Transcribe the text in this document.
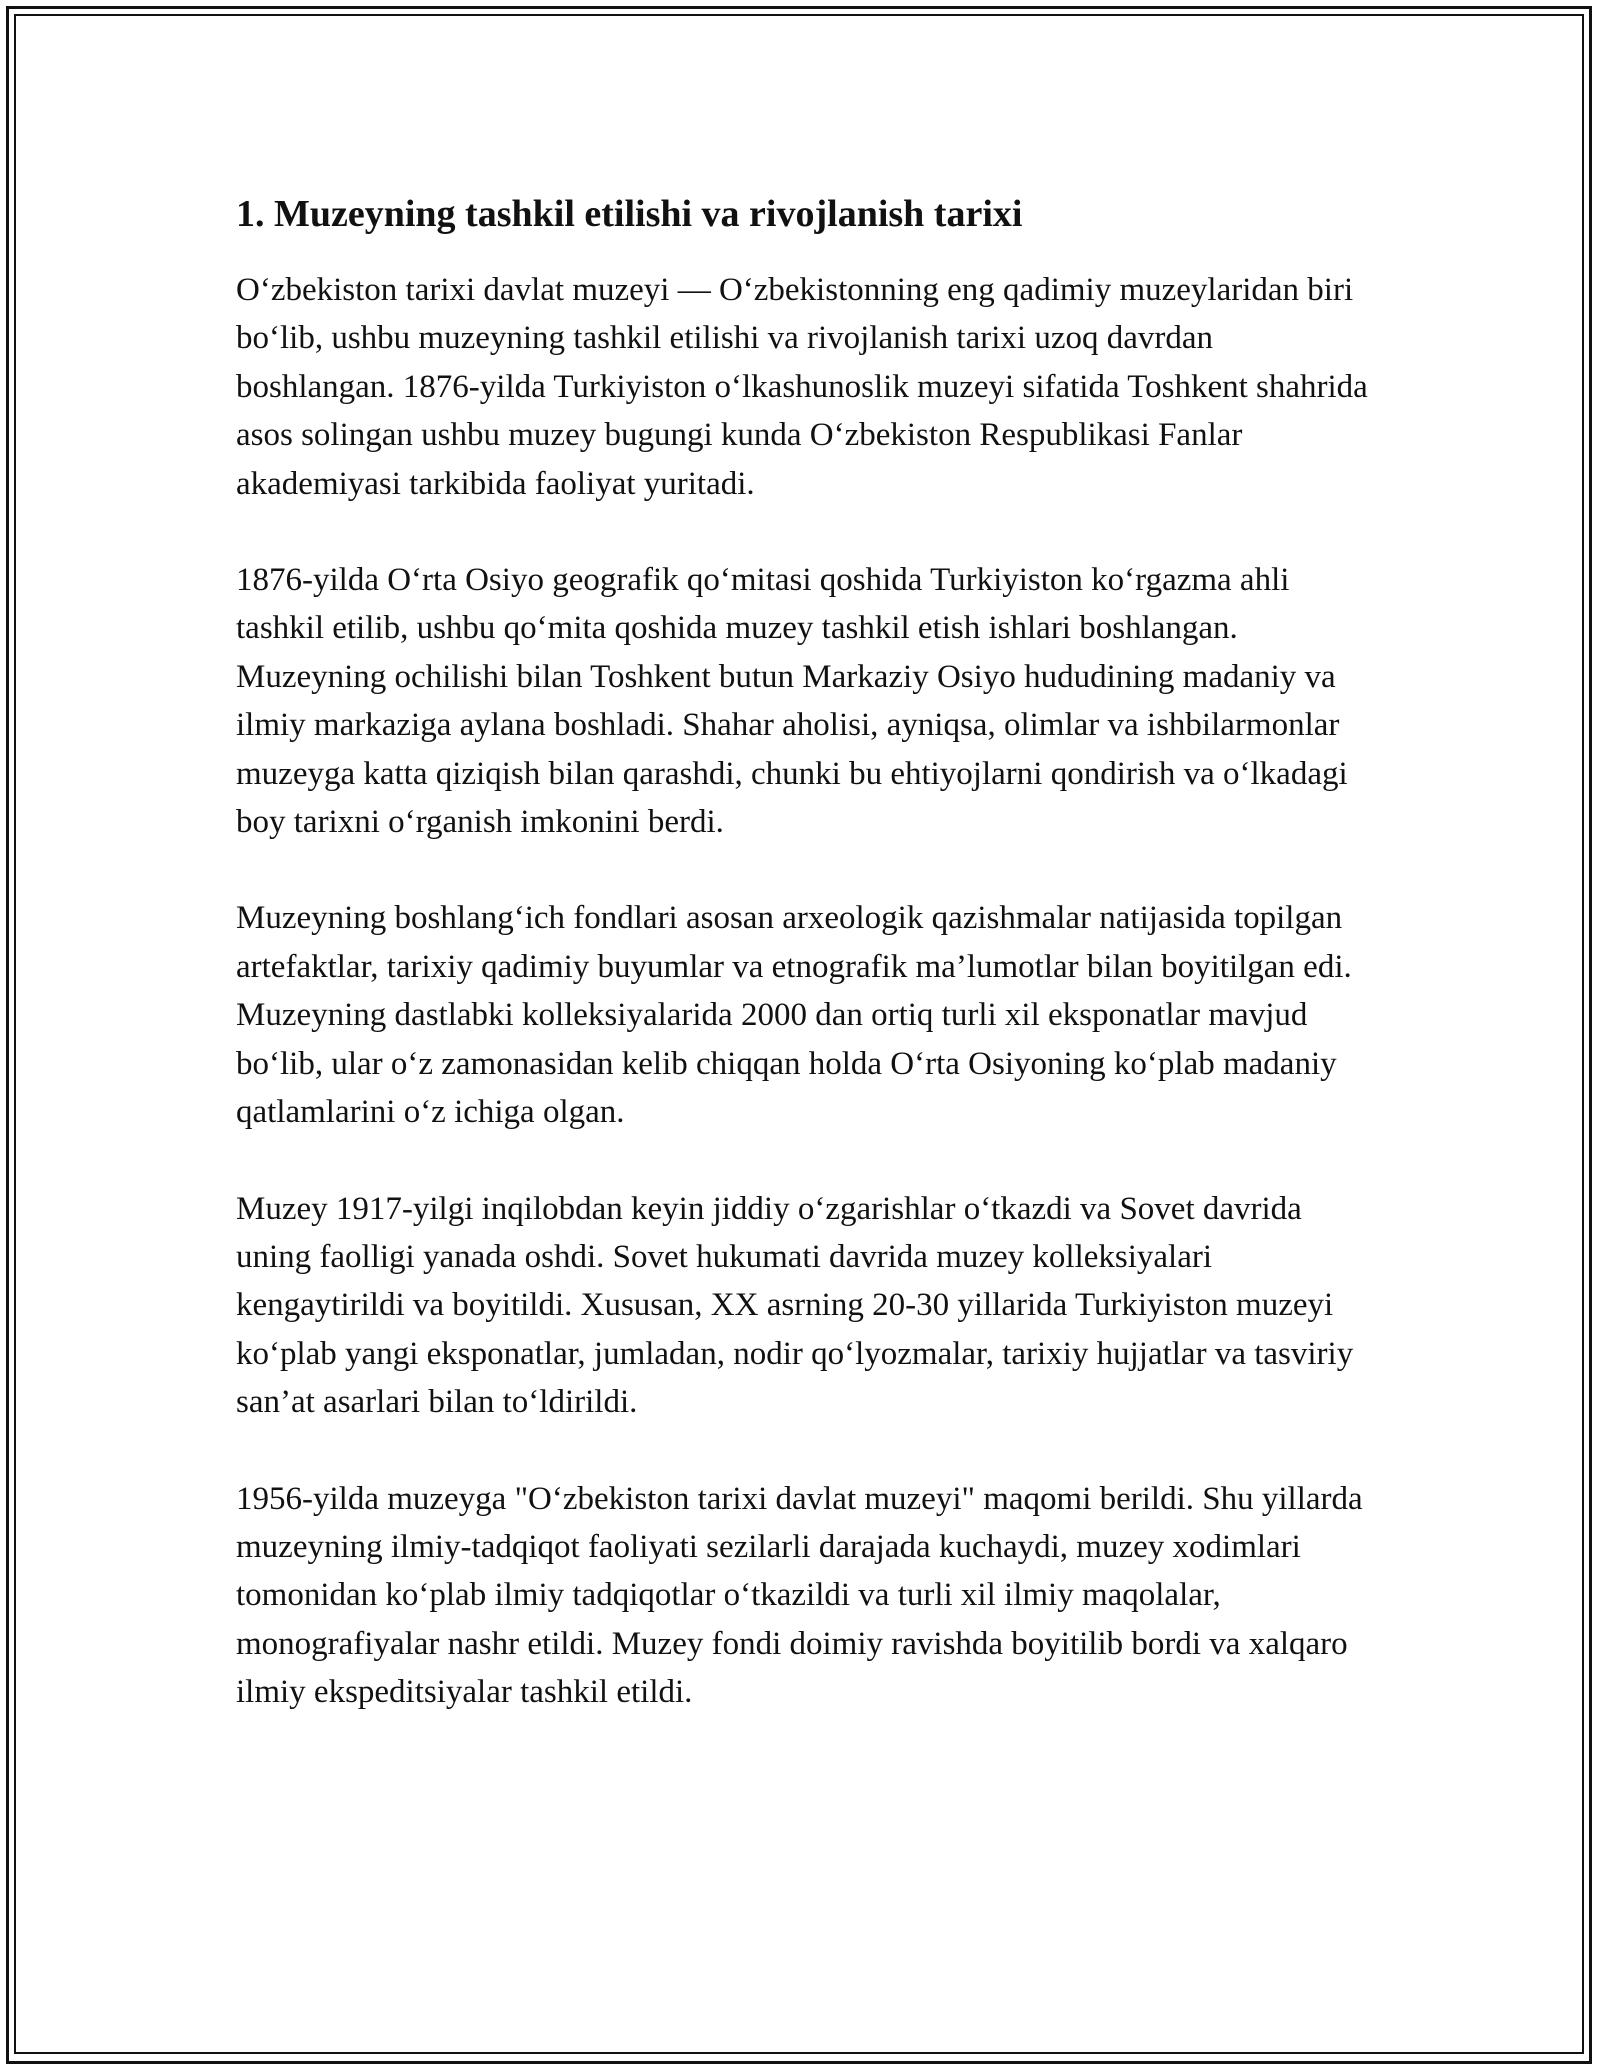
1. Muzeyning tashkil etilishi va rivojlanish tarixi

O‘zbekiston tarixi davlat muzeyi — O‘zbekistonning eng qadimiy muzeylaridan biri bo‘lib, ushbu muzeyning tashkil etilishi va rivojlanish tarixi uzoq davrdan boshlangan. 1876-yilda Turkiyiston o‘lkashunoslik muzeyi sifatida Toshkent shahrida asos solingan ushbu muzey bugungi kunda O‘zbekiston Respublikasi Fanlar akademiyasi tarkibida faoliyat yuritadi.

1876-yilda O‘rta Osiyo geografik qo‘mitasi qoshida Turkiyiston ko‘rgazma ahli tashkil etilib, ushbu qo‘mita qoshida muzey tashkil etish ishlari boshlangan. Muzeyning ochilishi bilan Toshkent butun Markaziy Osiyo hududining madaniy va ilmiy markaziga aylana boshladi. Shahar aholisi, ayniqsa, olimlar va ishbilarmonlar muzeyga katta qiziqish bilan qarashdi, chunki bu ehtiyojlarni qondirish va o‘lkadagi boy tarixni o‘rganish imkonini berdi.

Muzeyning boshlang‘ich fondlari asosan arxeologik qazishmalar natijasida topilgan artefaktlar, tarixiy qadimiy buyumlar va etnografik ma’lumotlar bilan boyitilgan edi. Muzeyning dastlabki kolleksiyalarida 2000 dan ortiq turli xil eksponatlar mavjud bo‘lib, ular o‘z zamonasidan kelib chiqqan holda O‘rta Osiyoning ko‘plab madaniy qatlamlarini o‘z ichiga olgan.

Muzey 1917-yilgi inqilobdan keyin jiddiy o‘zgarishlar o‘tkazdi va Sovet davrida uning faolligi yanada oshdi. Sovet hukumati davrida muzey kolleksiyalari kengaytirildi va boyitildi. Xususan, XX asrning 20-30 yillarida Turkiyiston muzeyi ko‘plab yangi eksponatlar, jumladan, nodir qo‘lyozmalar, tarixiy hujjatlar va tasviriy san’at asarlari bilan to‘ldirildi.

1956-yilda muzeyga "O‘zbekiston tarixi davlat muzeyi" maqomi berildi. Shu yillarda muzeyning ilmiy-tadqiqot faoliyati sezilarli darajada kuchaydi, muzey xodimlari tomonidan ko‘plab ilmiy tadqiqotlar o‘tkazildi va turli xil ilmiy maqolalar, monografiyalar nashr etildi. Muzey fondi doimiy ravishda boyitilib bordi va xalqaro ilmiy ekspeditsiyalar tashkil etildi.
